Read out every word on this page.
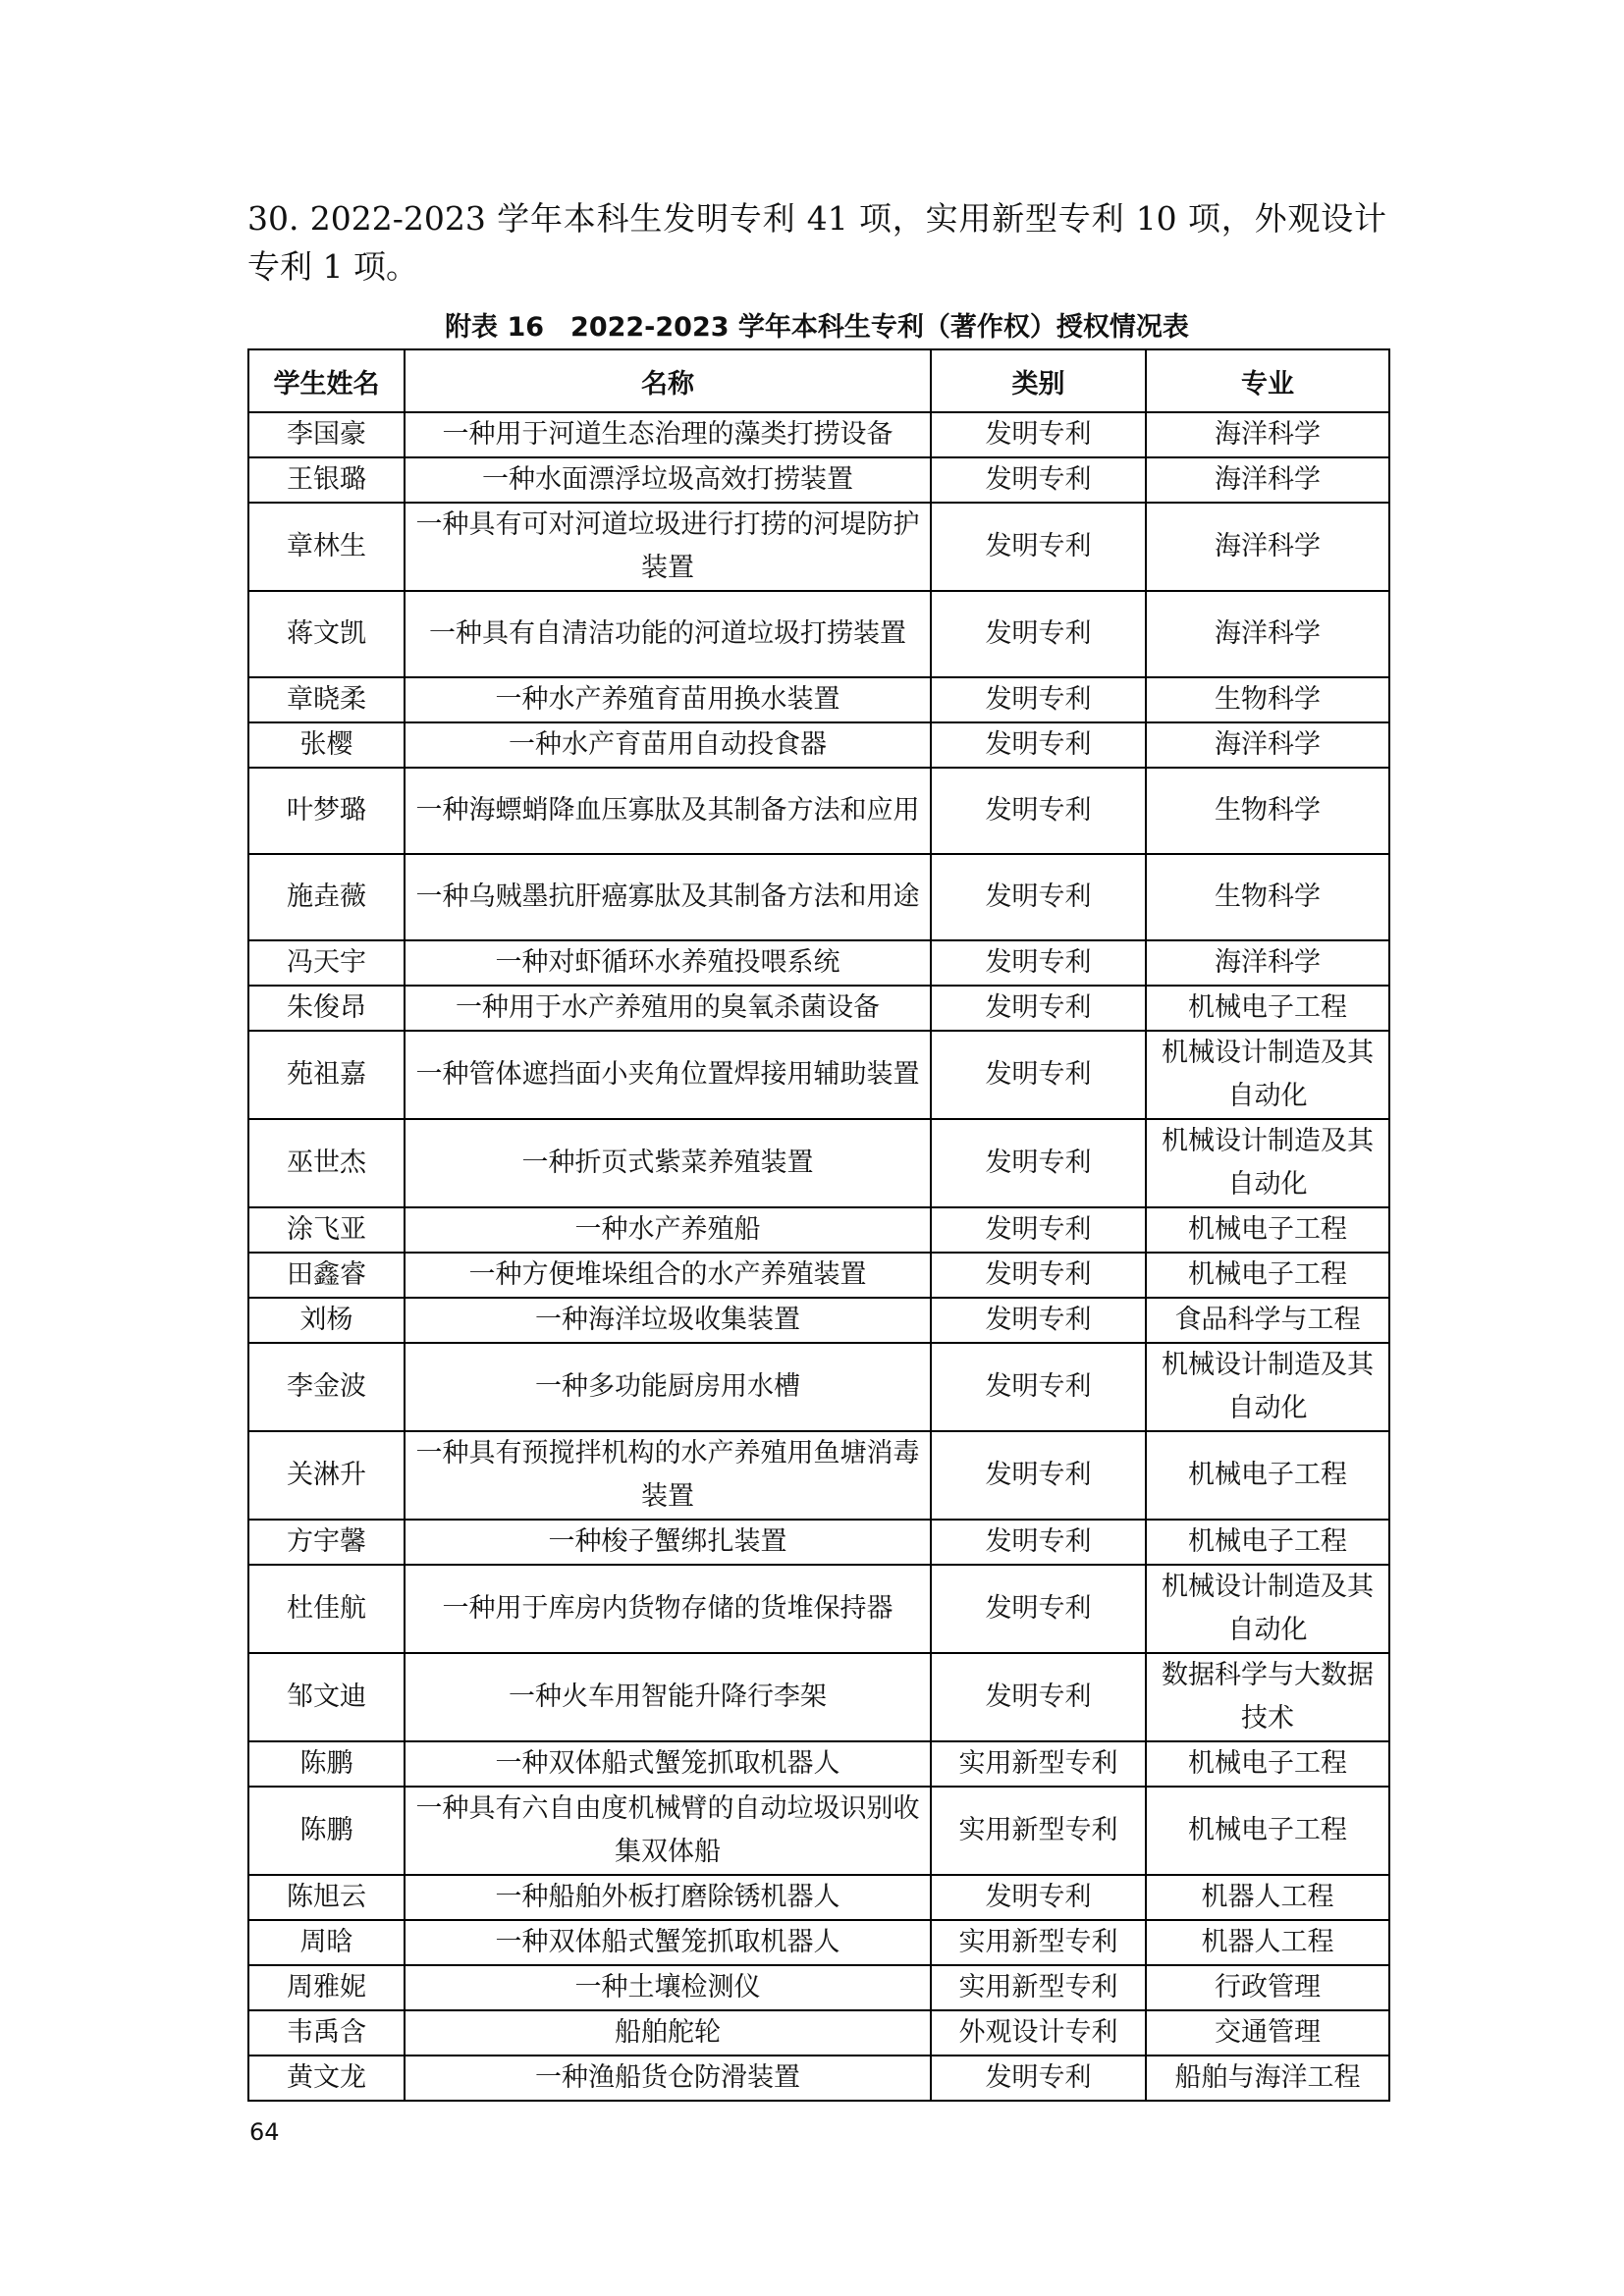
30. 2022-2023 学年本科生发明专利 41 项，实用新型专利 10 项，外观设计专利 1 项。
附表 16　2022-2023 学年本科生专利（著作权）授权情况表
学生姓名	名称	类别	专业
李国豪	一种用于河道生态治理的藻类打捞设备	发明专利	海洋科学
王银璐	一种水面漂浮垃圾高效打捞装置	发明专利	海洋科学
章林生	一种具有可对河道垃圾进行打捞的河堤防护装置	发明专利	海洋科学
蒋文凯	一种具有自清洁功能的河道垃圾打捞装置	发明专利	海洋科学
章晓柔	一种水产养殖育苗用换水装置	发明专利	生物科学
张樱	一种水产育苗用自动投食器	发明专利	海洋科学
叶梦璐	一种海螵蛸降血压寡肽及其制备方法和应用	发明专利	生物科学
施垚薇	一种乌贼墨抗肝癌寡肽及其制备方法和用途	发明专利	生物科学
冯天宇	一种对虾循环水养殖投喂系统	发明专利	海洋科学
朱俊昂	一种用于水产养殖用的臭氧杀菌设备	发明专利	机械电子工程
苑祖嘉	一种管体遮挡面小夹角位置焊接用辅助装置	发明专利	机械设计制造及其自动化
巫世杰	一种折页式紫菜养殖装置	发明专利	机械设计制造及其自动化
涂飞亚	一种水产养殖船	发明专利	机械电子工程
田鑫睿	一种方便堆垛组合的水产养殖装置	发明专利	机械电子工程
刘杨	一种海洋垃圾收集装置	发明专利	食品科学与工程
李金波	一种多功能厨房用水槽	发明专利	机械设计制造及其自动化
关淋升	一种具有预搅拌机构的水产养殖用鱼塘消毒装置	发明专利	机械电子工程
方宇馨	一种梭子蟹绑扎装置	发明专利	机械电子工程
杜佳航	一种用于库房内货物存储的货堆保持器	发明专利	机械设计制造及其自动化
邹文迪	一种火车用智能升降行李架	发明专利	数据科学与大数据技术
陈鹏	一种双体船式蟹笼抓取机器人	实用新型专利	机械电子工程
陈鹏	一种具有六自由度机械臂的自动垃圾识别收集双体船	实用新型专利	机械电子工程
陈旭云	一种船舶外板打磨除锈机器人	发明专利	机器人工程
周晗	一种双体船式蟹笼抓取机器人	实用新型专利	机器人工程
周雅妮	一种土壤检测仪	实用新型专利	行政管理
韦禹含	船舶舵轮	外观设计专利	交通管理
黄文龙	一种渔船货仓防滑装置	发明专利	船舶与海洋工程
64
